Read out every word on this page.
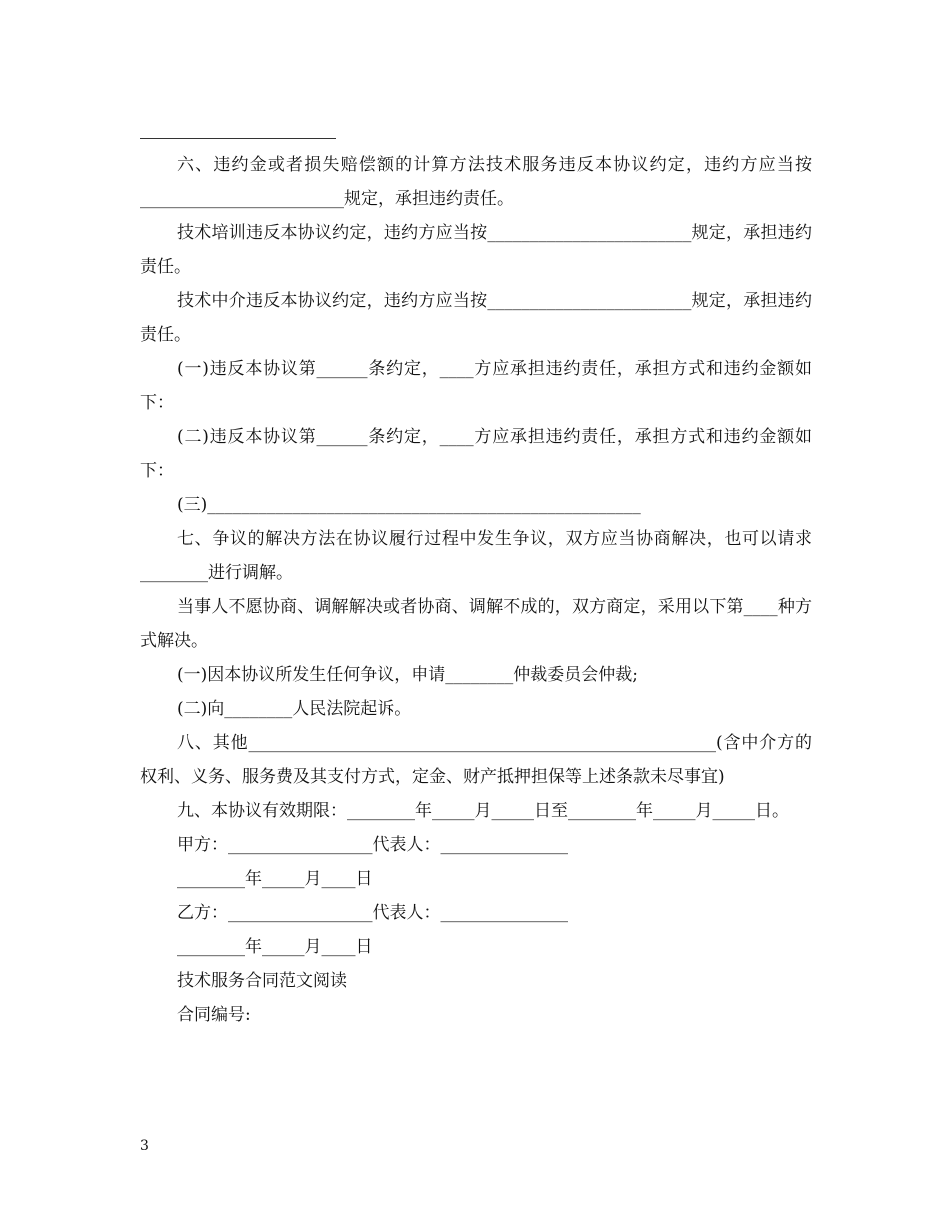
六、违约金或者损失赔偿额的计算方法技术服务违反本协议约定，违约方应当按________________________规定，承担违约责任。

技术培训违反本协议约定，违约方应当按________________________规定，承担违约责任。

技术中介违反本协议约定，违约方应当按________________________规定，承担违约责任。

(一)违反本协议第______条约定，____方应承担违约责任，承担方式和违约金额如下：

(二)违反本协议第______条约定，____方应承担违约责任，承担方式和违约金额如下：

(三)___________________________________________________

七、争议的解决方法在协议履行过程中发生争议，双方应当协商解决，也可以请求________进行调解。

当事人不愿协商、调解解决或者协商、调解不成的，双方商定，采用以下第____种方式解决。

(一)因本协议所发生任何争议，申请________仲裁委员会仲裁;

(二)向________人民法院起诉。

八、其他_______________________________________________________(含中介方的权利、义务、服务费及其支付方式，定金、财产抵押担保等上述条款未尽事宜)

九、本协议有效期限：________年_____月_____日至________年_____月_____日。

甲方：_________________代表人：_______________

________年_____月____日

乙方：_________________代表人：_______________

________年_____月____日

技术服务合同范文阅读

合同编号:

3
